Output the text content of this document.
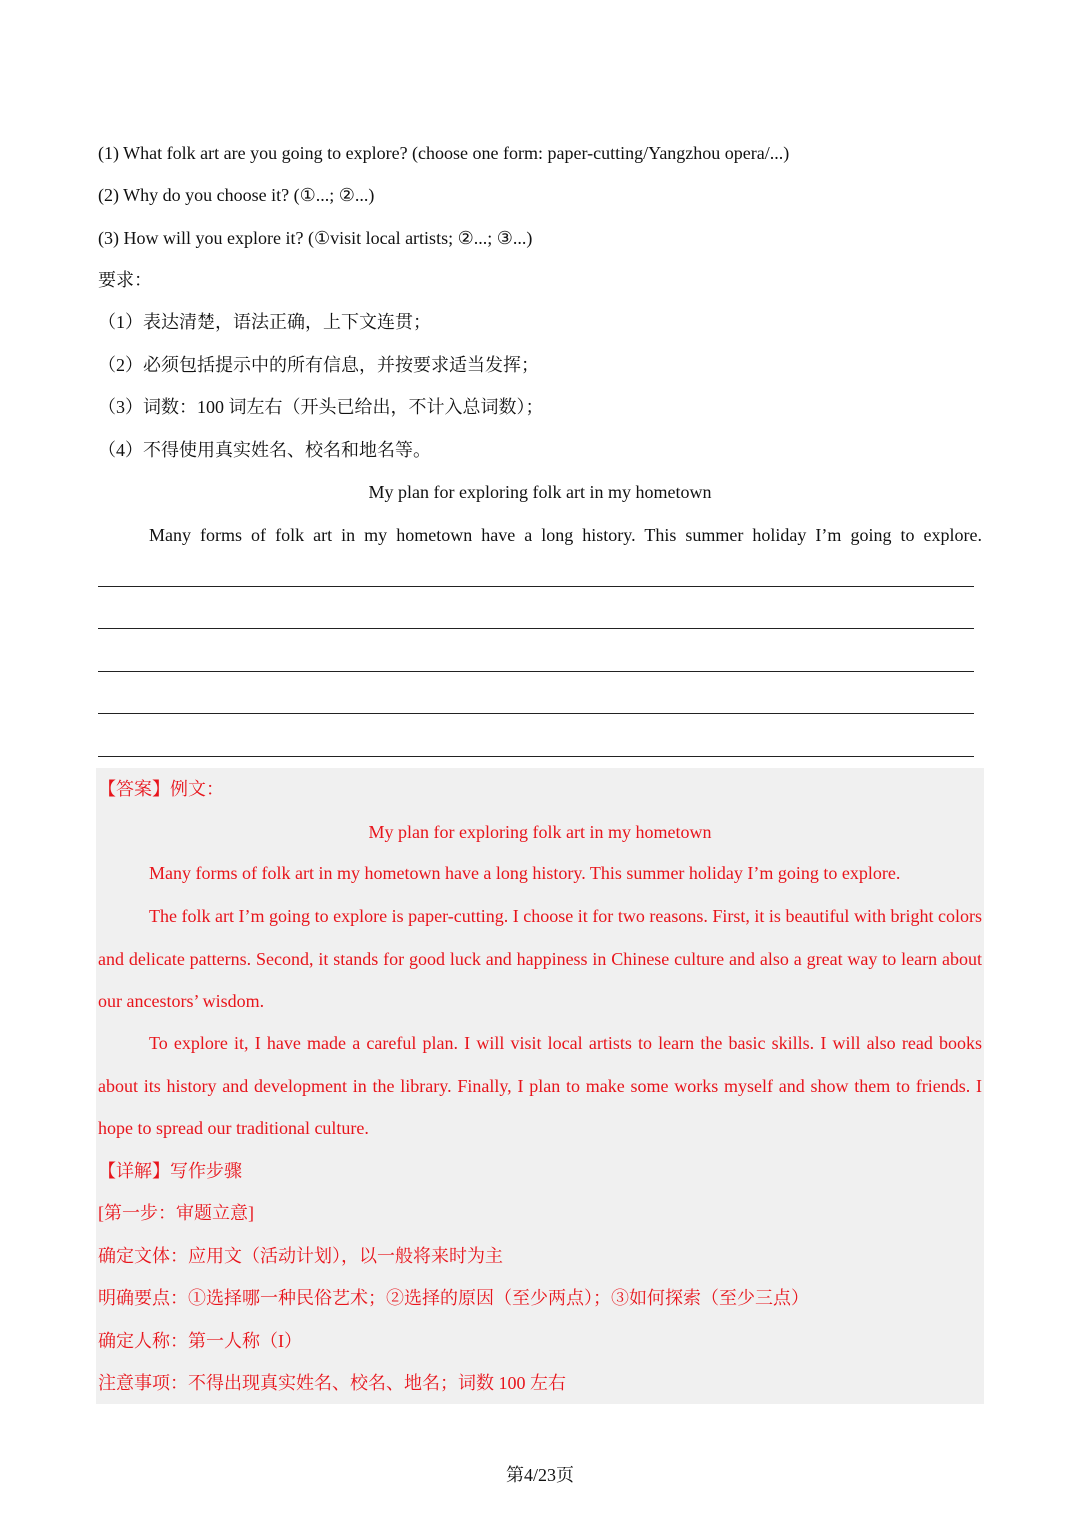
(1) What folk art are you going to explore? (choose one form: paper-cutting/Yangzhou opera/...)
(2) Why do you choose it? (①...; ②...)
(3) How will you explore it? (①visit local artists; ②...; ③...)
要求：
（1）表达清楚，语法正确，上下文连贯；
（2）必须包括提示中的所有信息，并按要求适当发挥；
（3）词数：100 词左右（开头已给出，不计入总词数）；
（4）不得使用真实姓名、校名和地名等。
My plan for exploring folk art in my hometown
Many forms of folk art in my hometown have a long history. This summer holiday I’m going to explore.
【答案】例文：
My plan for exploring folk art in my hometown
Many forms of folk art in my hometown have a long history. This summer holiday I’m going to explore.
The folk art I’m going to explore is paper-cutting. I choose it for two reasons. First, it is beautiful with bright colors and delicate patterns. Second, it stands for good luck and happiness in Chinese culture and also a great way to learn about our ancestors’ wisdom.
To explore it, I have made a careful plan. I will visit local artists to learn the basic skills. I will also read books about its history and development in the library. Finally, I plan to make some works myself and show them to friends. I hope to spread our traditional culture.
【详解】写作步骤
[第一步：审题立意]
确定文体：应用文（活动计划），以一般将来时为主
明确要点：①选择哪一种民俗艺术；②选择的原因（至少两点）；③如何探索（至少三点）
确定人称：第一人称（I）
注意事项：不得出现真实姓名、校名、地名；词数 100 左右
第4/23页
